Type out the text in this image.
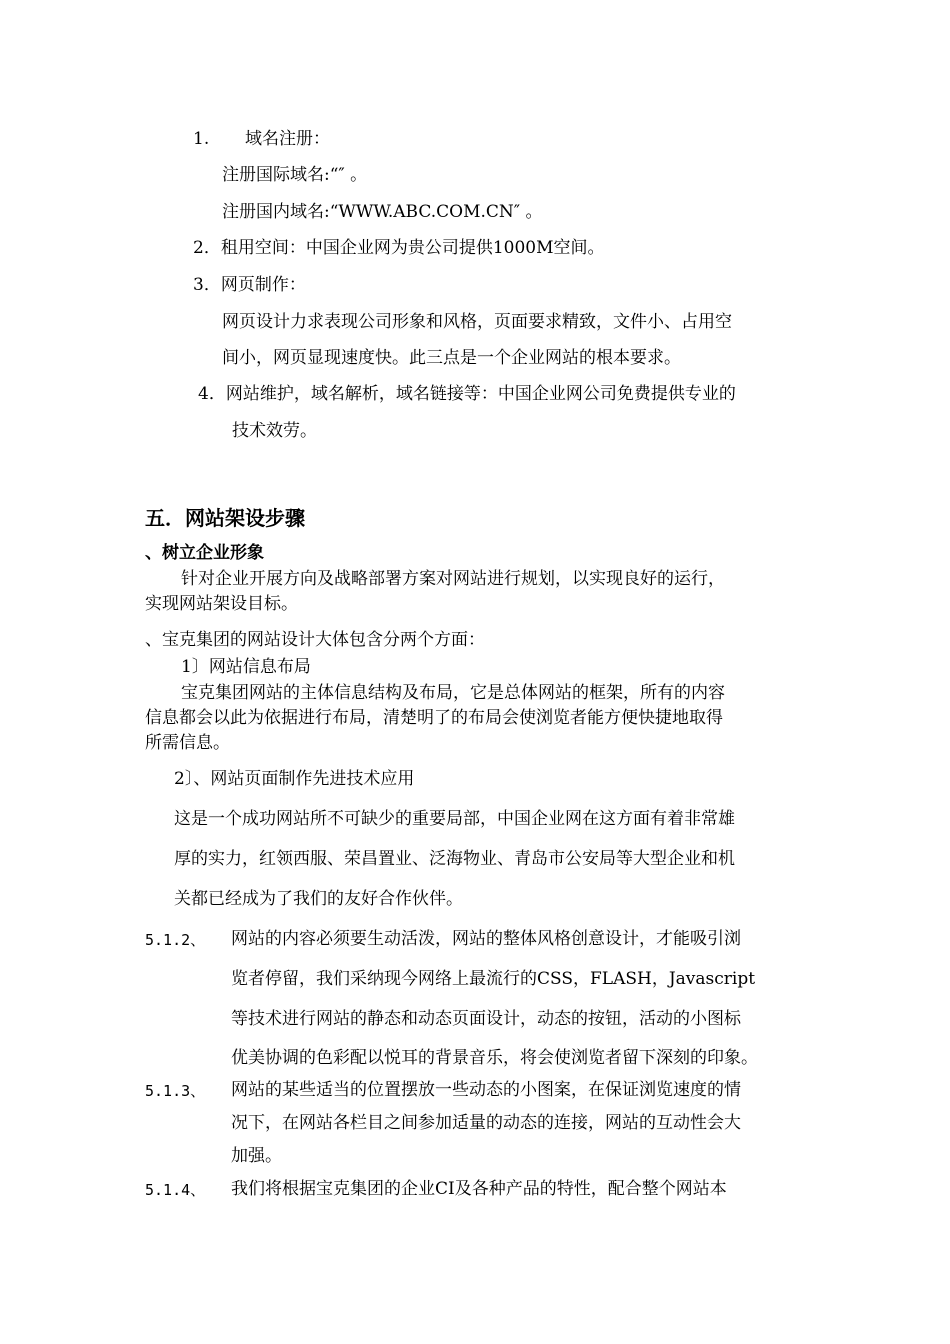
1. 域名注册：
注册国际域名:“″ 。
注册国内域名:“WWW.ABC.COM.CN″ 。
2．租用空间：中国企业网为贵公司提供1000M空间。
3．网页制作：
网页设计力求表现公司形象和风格，页面要求精致，文件小、占用空
间小，网页显现速度快。此三点是一个企业网站的根本要求。
4．网站维护，域名解析，域名链接等：中国企业网公司免费提供专业的
技术效劳。
五．网站架设步骤
、树立企业形象
针对企业开展方向及战略部署方案对网站进行规划，以实现良好的运行，
实现网站架设目标。
、宝克集团的网站设计大体包含分两个方面：
1〕网站信息布局
宝克集团网站的主体信息结构及布局，它是总体网站的框架，所有的内容
信息都会以此为依据进行布局，清楚明了的布局会使浏览者能方便快捷地取得
所需信息。
2〕、网站页面制作先进技术应用
这是一个成功网站所不可缺少的重要局部，中国企业网在这方面有着非常雄
厚的实力，红领西服、荣昌置业、泛海物业、青岛市公安局等大型企业和机
关都已经成为了我们的友好合作伙伴。
5.1.2、 网站的内容必须要生动活泼，网站的整体风格创意设计，才能吸引浏
览者停留，我们采纳现今网络上最流行的CSS，FLASH，Javascript
等技术进行网站的静态和动态页面设计，动态的按钮，活动的小图标
优美协调的色彩配以悦耳的背景音乐，将会使浏览者留下深刻的印象。
5.1.3、 网站的某些适当的位置摆放一些动态的小图案，在保证浏览速度的情
况下，在网站各栏目之间参加适量的动态的连接，网站的互动性会大
加强。
5.1.4、 我们将根据宝克集团的企业CI及各种产品的特性，配合整个网站本
